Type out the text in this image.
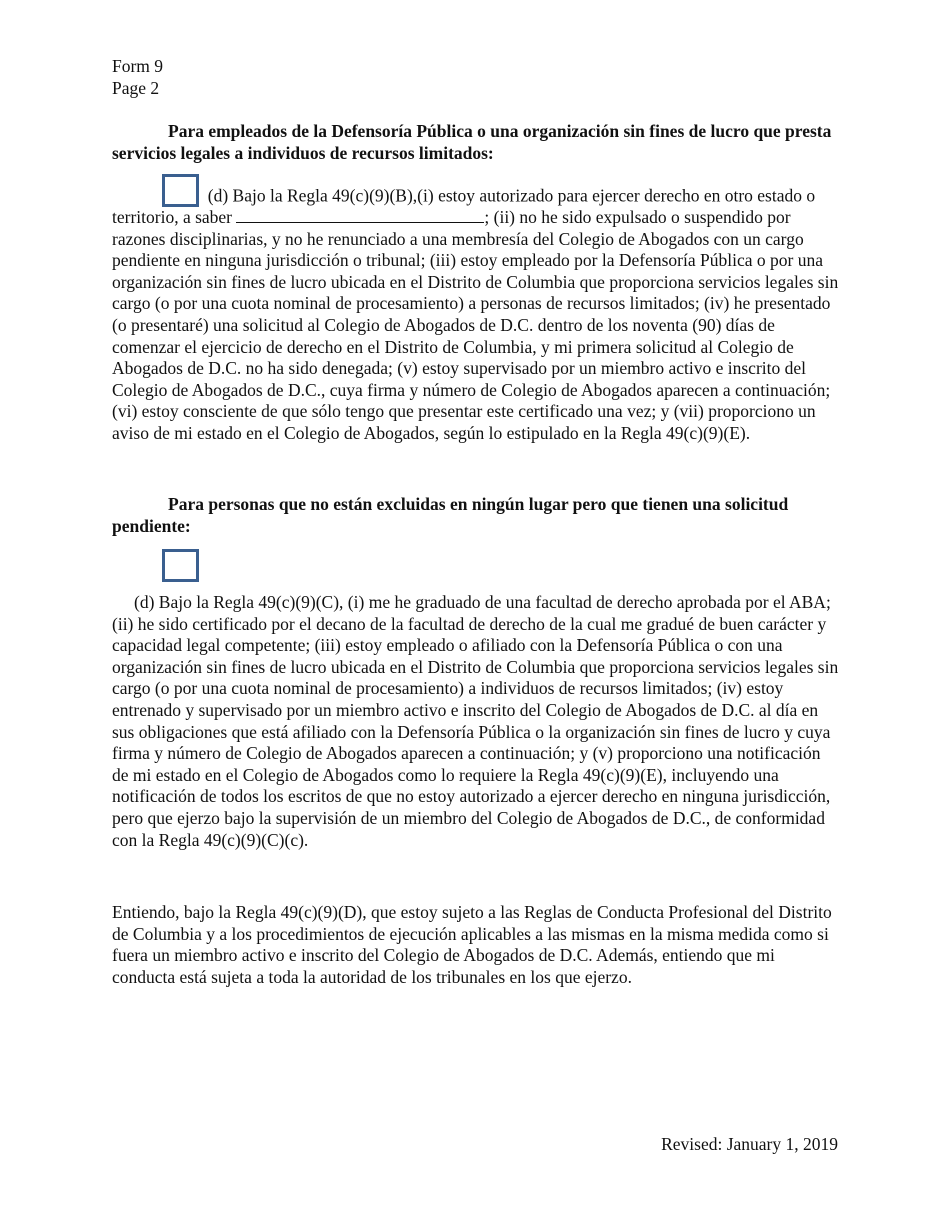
Form 9
Page 2
Para empleados de la Defensoría Pública o una organización sin fines de lucro que presta servicios legales a individuos de recursos limitados:
(d) Bajo la Regla 49(c)(9)(B),(i) estoy autorizado para ejercer derecho en otro estado o territorio, a saber	; (ii) no he sido expulsado o suspendido por razones disciplinarias, y no he renunciado a una membresía del Colegio de Abogados con un cargo pendiente en ninguna jurisdicción o tribunal; (iii) estoy empleado por la Defensoría Pública o por una organización sin fines de lucro ubicada en el Distrito de Columbia que proporciona servicios legales sin cargo (o por una cuota nominal de procesamiento) a personas de recursos limitados; (iv) he presentado (o presentaré) una solicitud al Colegio de Abogados de D.C. dentro de los noventa (90) días de comenzar el ejercicio de derecho en el Distrito de Columbia, y mi primera solicitud al Colegio de Abogados de D.C. no ha sido denegada; (v) estoy supervisado por un miembro activo e inscrito del Colegio de Abogados de D.C., cuya firma y número de Colegio de Abogados aparecen a continuación; (vi) estoy consciente de que sólo tengo que presentar este certificado una vez; y (vii) proporciono un aviso de mi estado en el Colegio de Abogados, según lo estipulado en la Regla 49(c)(9)(E).
Para personas que no están excluidas en ningún lugar pero que tienen una solicitud pendiente:
(d) Bajo la Regla 49(c)(9)(C), (i) me he graduado de una facultad de derecho aprobada por el ABA; (ii) he sido certificado por el decano de la facultad de derecho de la cual me gradué de buen carácter y capacidad legal competente; (iii) estoy empleado o afiliado con la Defensoría Pública o con una organización sin fines de lucro ubicada en el Distrito de Columbia que proporciona servicios legales sin cargo (o por una cuota nominal de procesamiento) a individuos de recursos limitados; (iv) estoy entrenado y supervisado por un miembro activo e inscrito del Colegio de Abogados de D.C. al día en sus obligaciones que está afiliado con la Defensoría Pública o la organización sin fines de lucro y cuya firma y número de Colegio de Abogados aparecen a continuación; y (v) proporciono una notificación de mi estado en el Colegio de Abogados como lo requiere la Regla 49(c)(9)(E), incluyendo una notificación de todos los escritos de que no estoy autorizado a ejercer derecho en ninguna jurisdicción, pero que ejerzo bajo la supervisión de un miembro del Colegio de Abogados de D.C., de conformidad con la Regla 49(c)(9)(C)(c).
Entiendo, bajo la Regla 49(c)(9)(D), que estoy sujeto a las Reglas de Conducta Profesional del Distrito de Columbia y a los procedimientos de ejecución aplicables a las mismas en la misma medida como si fuera un miembro activo e inscrito del Colegio de Abogados de D.C. Además, entiendo que mi conducta está sujeta a toda la autoridad de los tribunales en los que ejerzo.
Revised: January 1, 2019
